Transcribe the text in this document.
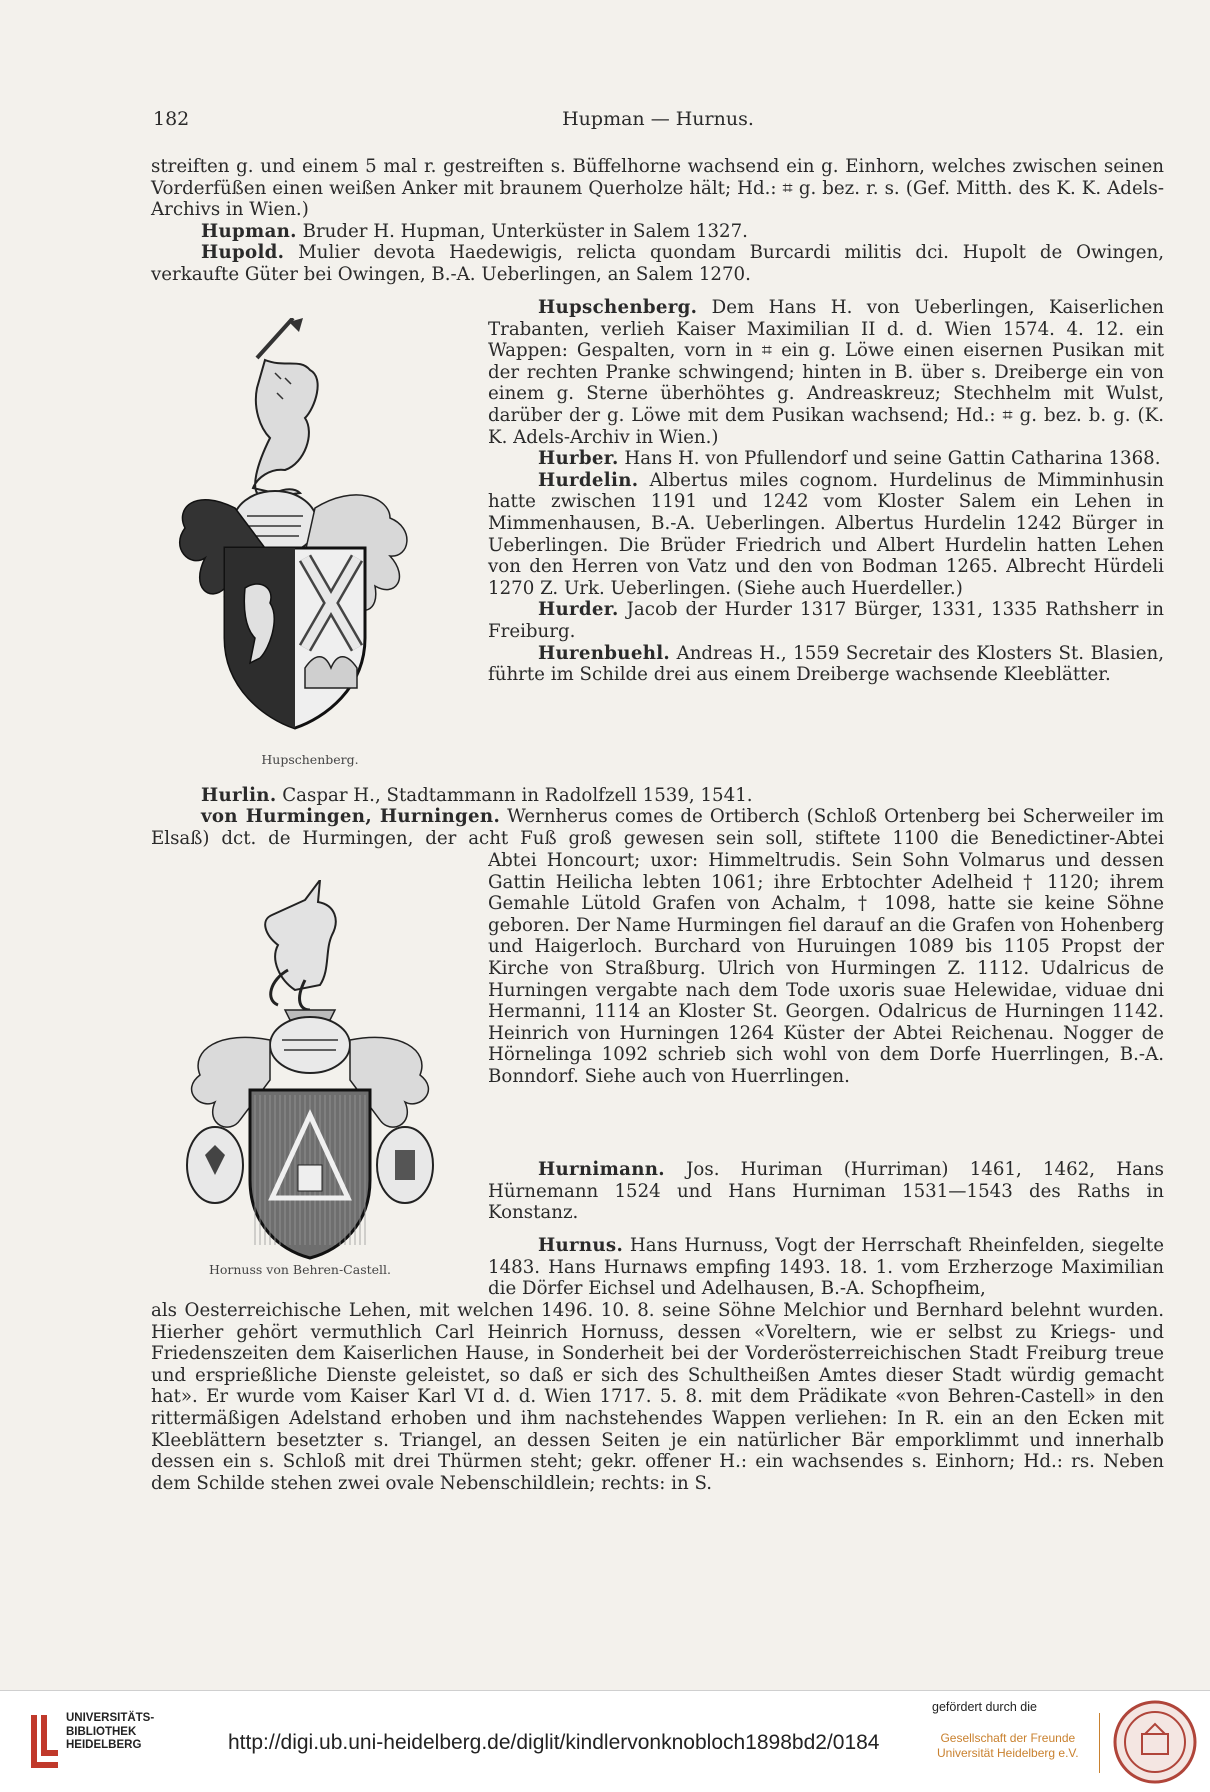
182	Hupman — Hurnus.

streiften g. und einem 5 mal r. gestreiften s. Büffelhorne wachsend ein g. Einhorn, welches zwischen seinen Vorderfüßen einen weißen Anker mit braunem Querholze hält; Hd.: ⌗ g. bez. r. s. (Gef. Mitth. des K. K. Adels-Archivs in Wien.)

Hupman. Bruder H. Hupman, Unterküster in Salem 1327.

Hupold. Mulier devota Haedewigis, relicta quondam Burcardi militis dci. Hupolt de Owingen, verkaufte Güter bei Owingen, B.-A. Ueberlingen, an Salem 1270.

Hupschenberg. Dem Hans H. von Ueberlingen, Kaiserlichen Trabanten, verlieh Kaiser Maximilian II d. d. Wien 1574. 4. 12. ein Wappen: Gespalten, vorn in ⌗ ein g. Löwe einen eisernen Pusikan mit der rechten Pranke schwingend; hinten in B. über s. Dreiberge ein von einem g. Sterne überhöhtes g. Andreaskreuz; Stechhelm mit Wulst, darüber der g. Löwe mit dem Pusikan wachsend; Hd.: ⌗ g. bez. b. g. (K. K. Adels-Archiv in Wien.)

Hurber. Hans H. von Pfullendorf und seine Gattin Catharina 1368.

Hurdelin. Albertus miles cognom. Hurdelinus de Mimminhusin hatte zwischen 1191 und 1242 vom Kloster Salem ein Lehen in Mimmenhausen, B.-A. Ueberlingen. Albertus Hurdelin 1242 Bürger in Ueberlingen. Die Brüder Friedrich und Albert Hurdelin hatten Lehen von den Herren von Vatz und den von Bodman 1265. Albrecht Hürdeli 1270 Z. Urk. Ueberlingen. (Siehe auch Huerdeller.)

Hurder. Jacob der Hurder 1317 Bürger, 1331, 1335 Rathsherr in Freiburg.

Hurenbuehl. Andreas H., 1559 Secretair des Klosters St. Blasien, führte im Schilde drei aus einem Dreiberge wachsende Kleeblätter.

Hupschenberg.

Hurlin. Caspar H., Stadtammann in Radolfzell 1539, 1541.

von Hurmingen, Hurningen. Wernherus comes de Ortiberch (Schloß Ortenberg bei Scherweiler im Elsaß) dct. de Hurmingen, der acht Fuß groß gewesen sein soll, stiftete 1100 die Benedictiner-Abtei

Hurnimann. Jos. Huriman (Hurriman) 1461, 1462, Hans Hürnemann 1524 und Hans Hurniman 1531—1543 des Raths in Konstanz.

Abtei Honcourt; uxor: Himmeltrudis. Sein Sohn Volmarus und dessen Gattin Heilicha lebten 1061; ihre Erbtochter Adelheid † 1120; ihrem Gemahle Lütold Grafen von Achalm, † 1098, hatte sie keine Söhne geboren. Der Name Hurmingen fiel darauf an die Grafen von Hohenberg und Haigerloch. Burchard von Huruingen 1089 bis 1105 Propst der Kirche von Straßburg. Ulrich von Hurmingen Z. 1112. Udalricus de Hurningen vergabte nach dem Tode uxoris suae Helewidae, viduae dni Hermanni, 1114 an Kloster St. Georgen. Odalricus de Hurningen 1142. Heinrich von Hurningen 1264 Küster der Abtei Reichenau. Nogger de Hörnelinga 1092 schrieb sich wohl von dem Dorfe Huerrlingen, B.-A. Bonndorf. Siehe auch von Huerrlingen.

Hornuss von Behren-Castell.

Hurnus. Hans Hurnuss, Vogt der Herrschaft Rheinfelden, siegelte 1483. Hans Hurnaws empfing 1493. 18. 1. vom Erzherzoge Maximilian die Dörfer Eichsel und Adelhausen, B.-A. Schopfheim,

als Oesterreichische Lehen, mit welchen 1496. 10. 8. seine Söhne Melchior und Bernhard belehnt wurden. Hierher gehört vermuthlich Carl Heinrich Hornuss, dessen «Voreltern, wie er selbst zu Kriegs- und Friedenszeiten dem Kaiserlichen Hause, in Sonderheit bei der Vorderösterreichischen Stadt Freiburg treue und ersprießliche Dienste geleistet, so daß er sich des Schultheißen Amtes dieser Stadt würdig gemacht hat». Er wurde vom Kaiser Karl VI d. d. Wien 1717. 5. 8. mit dem Prädikate «von Behren-Castell» in den rittermäßigen Adelstand erhoben und ihm nachstehendes Wappen verliehen: In R. ein an den Ecken mit Kleeblättern besetzter s. Triangel, an dessen Seiten je ein natürlicher Bär emporklimmt und innerhalb dessen ein s. Schloß mit drei Thürmen steht; gekr. offener H.: ein wachsendes s. Einhorn; Hd.: rs. Neben dem Schilde stehen zwei ovale Nebenschildlein; rechts: in S.

UNIVERSITÄTS-
BIBLIOTHEK
HEIDELBERG	http://digi.ub.uni-heidelberg.de/diglit/kindlervonknobloch1898bd2/0184
gefördert durch die
Gesellschaft der Freunde
Universität Heidelberg e.V.
